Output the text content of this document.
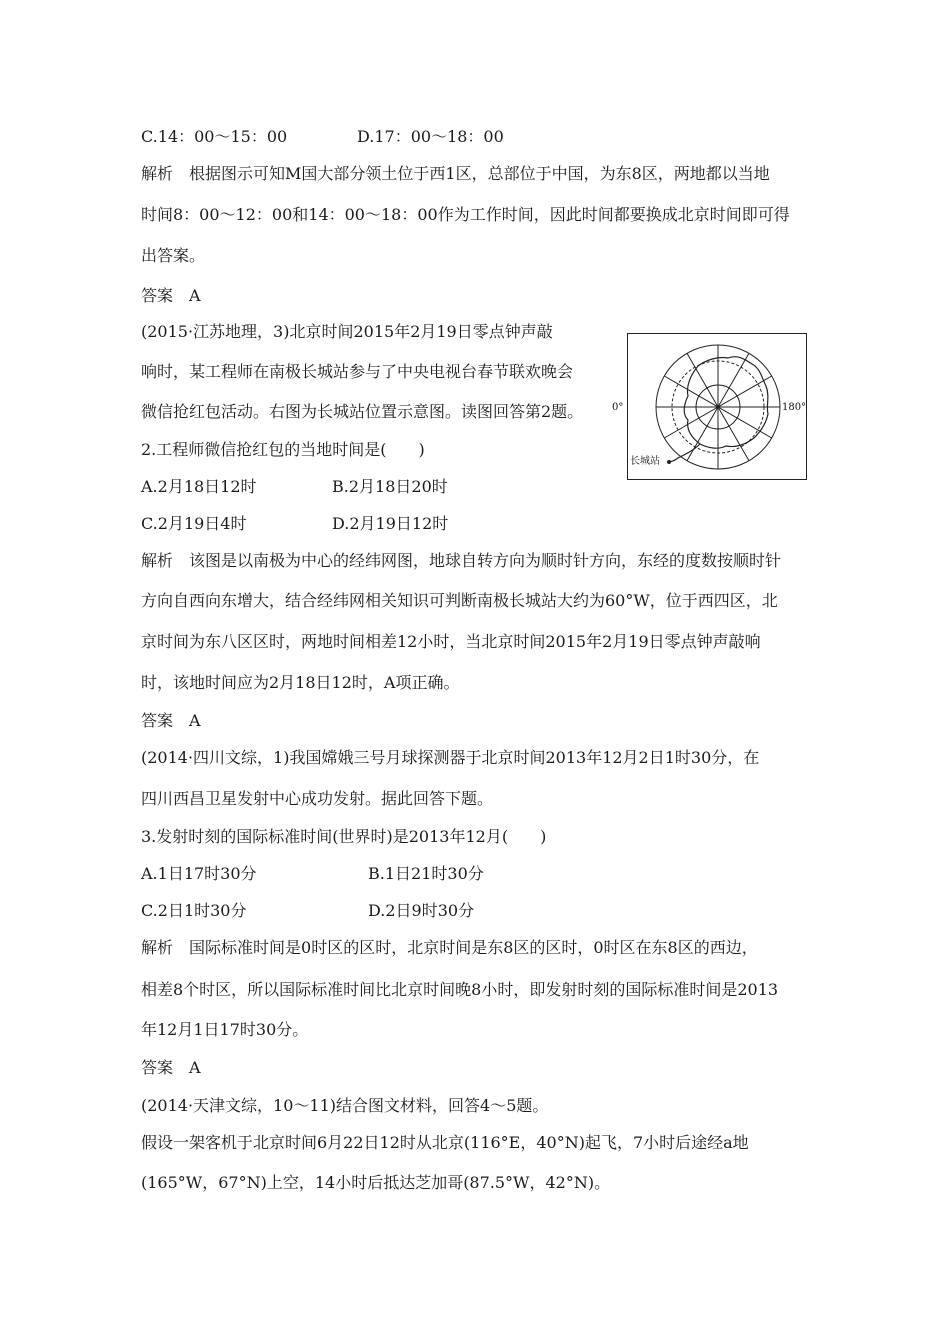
C.14：00～15：00	D.17：00～18：00
解析 根据图示可知M国大部分领土位于西1区，总部位于中国，为东8区，两地都以当地
时间8：00～12：00和14：00～18：00作为工作时间，因此时间都要换成北京时间即可得
出答案。
答案 A
(2015·江苏地理，3)北京时间2015年2月19日零点钟声敲
响时，某工程师在南极长城站参与了中央电视台春节联欢晚会
微信抢红包活动。右图为长城站位置示意图。读图回答第2题。	0°	180°
长城站
2.工程师微信抢红包的当地时间是(　　)
A.2月18日12时	B.2月18日20时
C.2月19日4时	D.2月19日12时
解析 该图是以南极为中心的经纬网图，地球自转方向为顺时针方向，东经的度数按顺时针
方向自西向东增大，结合经纬网相关知识可判断南极长城站大约为60°W，位于西四区，北
京时间为东八区区时，两地时间相差12小时，当北京时间2015年2月19日零点钟声敲响
时，该地时间应为2月18日12时，A项正确。
答案 A
(2014·四川文综，1)我国嫦娥三号月球探测器于北京时间2013年12月2日1时30分，在
四川西昌卫星发射中心成功发射。据此回答下题。
3.发射时刻的国际标准时间(世界时)是2013年12月(　　)
A.1日17时30分	B.1日21时30分
C.2日1时30分	D.2日9时30分
解析 国际标准时间是0时区的区时，北京时间是东8区的区时，0时区在东8区的西边，
相差8个时区，所以国际标准时间比北京时间晚8小时，即发射时刻的国际标准时间是2013
年12月1日17时30分。
答案 A
(2014·天津文综，10～11)结合图文材料，回答4～5题。
假设一架客机于北京时间6月22日12时从北京(116°E，40°N)起飞，7小时后途经a地
(165°W，67°N)上空，14小时后抵达芝加哥(87.5°W，42°N)。
